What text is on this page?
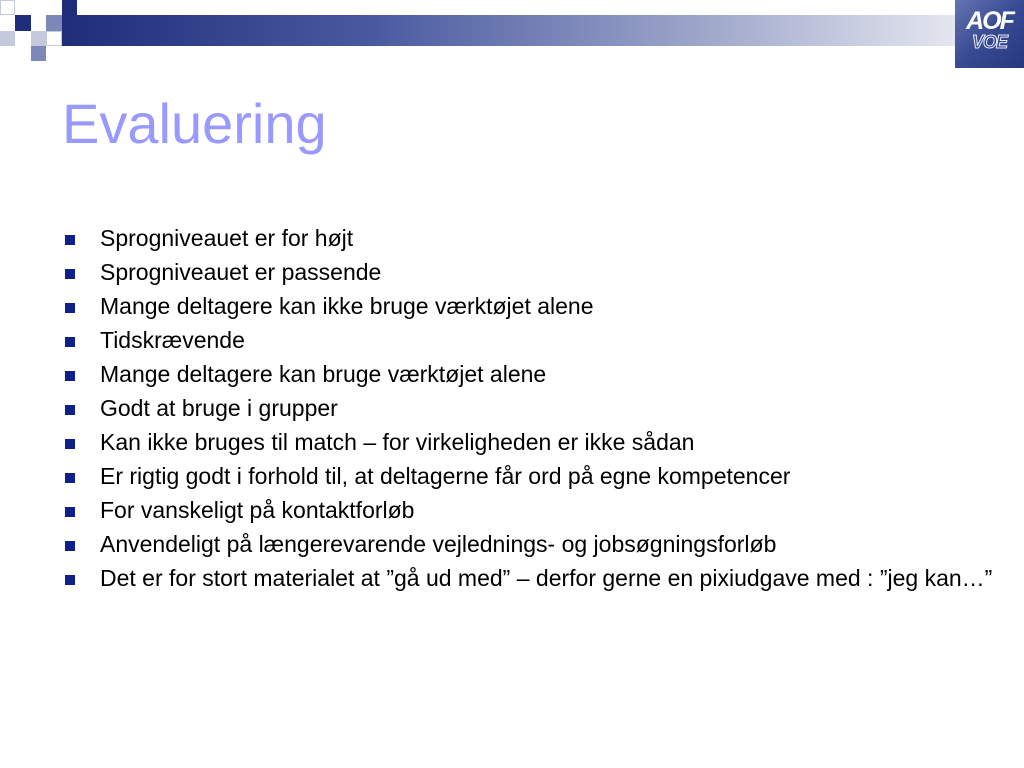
AOF
VOE
Evaluering
Sprogniveauet er for højt
Sprogniveauet er passende
Mange deltagere kan ikke bruge værktøjet alene
Tidskrævende
Mange deltagere kan bruge værktøjet alene
Godt at bruge i grupper
Kan ikke bruges til match – for virkeligheden er ikke sådan
Er rigtig godt i forhold til, at deltagerne får ord på egne kompetencer
For vanskeligt på kontaktforløb
Anvendeligt på længerevarende vejlednings- og jobsøgningsforløb
Det er for stort materialet at ”gå ud med” – derfor gerne en pixiudgave med : ”jeg kan…”
